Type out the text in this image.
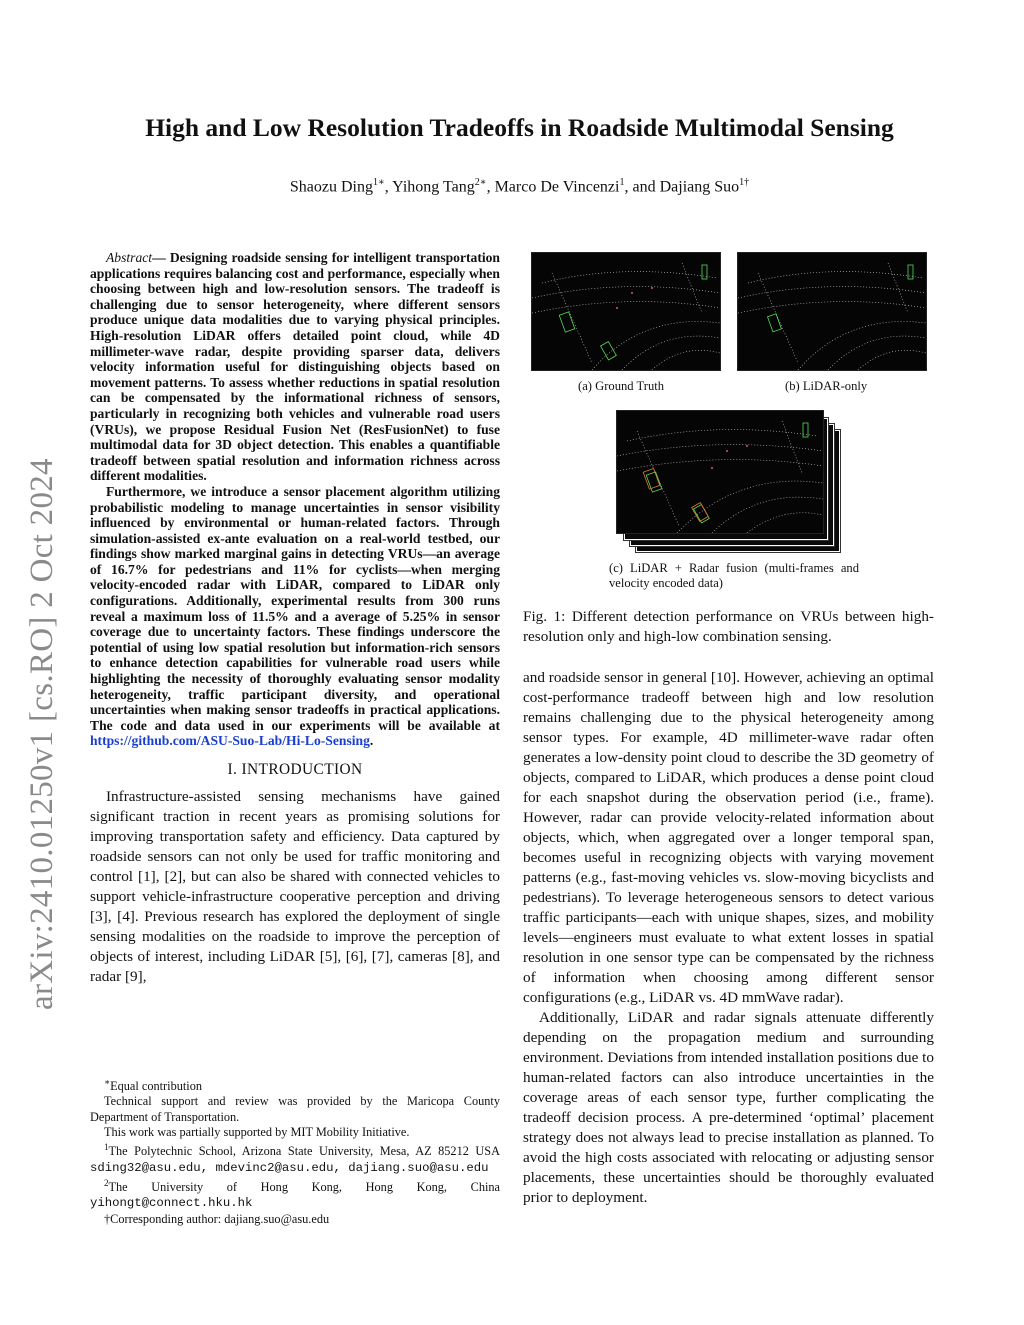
arXiv:2410.01250v1 [cs.RO] 2 Oct 2024
High and Low Resolution Tradeoffs in Roadside Multimodal Sensing
Shaozu Ding$^{1∗}$, Yihong Tang$^{2∗}$, Marco De Vincenzi$^1$, and Dajiang Suo$^{1\dagger}$

Abstract— Designing roadside sensing for intelligent transportation applications requires balancing cost and performance, especially when choosing between high and low-resolution sensors. The tradeoff is challenging due to sensor heterogeneity, where different sensors produce unique data modalities due to varying physical principles. High-resolution LiDAR offers detailed point cloud, while 4D millimeter-wave radar, despite providing sparser data, delivers velocity information useful for distinguishing objects based on movement patterns. To assess whether reductions in spatial resolution can be compensated by the informational richness of sensors, particularly in recognizing both vehicles and vulnerable road users (VRUs), we propose Residual Fusion Net (ResFusionNet) to fuse multimodal data for 3D object detection. This enables a quantifiable tradeoff between spatial resolution and information richness across different modalities.

Furthermore, we introduce a sensor placement algorithm utilizing probabilistic modeling to manage uncertainties in sensor visibility influenced by environmental or human-related factors. Through simulation-assisted ex-ante evaluation on a real-world testbed, our findings show marked marginal gains in detecting VRUs—an average of 16.7% for pedestrians and 11% for cyclists—when merging velocity-encoded radar with LiDAR, compared to LiDAR only configurations. Additionally, experimental results from 300 runs reveal a maximum loss of 11.5% and a average of 5.25% in sensor coverage due to uncertainty factors. These findings underscore the potential of using low spatial resolution but information-rich sensors to enhance detection capabilities for vulnerable road users while highlighting the necessity of thoroughly evaluating sensor modality heterogeneity, traffic participant diversity, and operational uncertainties when making sensor tradeoffs in practical applications. The code and data used in our experiments will be available at https://github.com/ASU-Suo-Lab/Hi-Lo-Sensing.

I. INTRODUCTION

Infrastructure-assisted sensing mechanisms have gained significant traction in recent years as promising solutions for improving transportation safety and efficiency. Data captured by roadside sensors can not only be used for traffic monitoring and control [1], [2], but can also be shared with connected vehicles to support vehicle-infrastructure cooperative perception and driving [3], [4]. Previous research has explored the deployment of single sensing modalities on the roadside to improve the perception of objects of interest, including LiDAR [5], [6], [7], cameras [8], and radar [9],

∗Equal contribution

Technical support and review was provided by the Maricopa County Department of Transportation.

This work was partially supported by MIT Mobility Initiative.

$^1$The Polytechnic School, Arizona State University, Mesa, AZ 85212 USA sding32@asu.edu, mdevinc2@asu.edu, dajiang.suo@asu.edu

$^2$The University of Hong Kong, Hong Kong, China yihongt@connect.hku.hk

†Corresponding author: dajiang.suo@asu.edu

(a) Ground Truth	(b) LiDAR-only
(c) LiDAR + Radar fusion (multi-frames and velocity encoded data)

Fig. 1: Different detection performance on VRUs between high-resolution only and high-low combination sensing.

and roadside sensor in general [10]. However, achieving an optimal cost-performance tradeoff between high and low resolution remains challenging due to the physical heterogeneity among sensor types. For example, 4D millimeter-wave radar often generates a low-density point cloud to describe the 3D geometry of objects, compared to LiDAR, which produces a dense point cloud for each snapshot during the observation period (i.e., frame). However, radar can provide velocity-related information about objects, which, when aggregated over a longer temporal span, becomes useful in recognizing objects with varying movement patterns (e.g., fast-moving vehicles vs. slow-moving bicyclists and pedestrians). To leverage heterogeneous sensors to detect various traffic participants—each with unique shapes, sizes, and mobility levels—engineers must evaluate to what extent losses in spatial resolution in one sensor type can be compensated by the richness of information when choosing among different sensor configurations (e.g., LiDAR vs. 4D mmWave radar).

Additionally, LiDAR and radar signals attenuate differently depending on the propagation medium and surrounding environment. Deviations from intended installation positions due to human-related factors can also introduce uncertainties in the coverage areas of each sensor type, further complicating the tradeoff decision process. A pre-determined ‘optimal’ placement strategy does not always lead to precise installation as planned. To avoid the high costs associated with relocating or adjusting sensor placements, these uncertainties should be thoroughly evaluated prior to deployment.
